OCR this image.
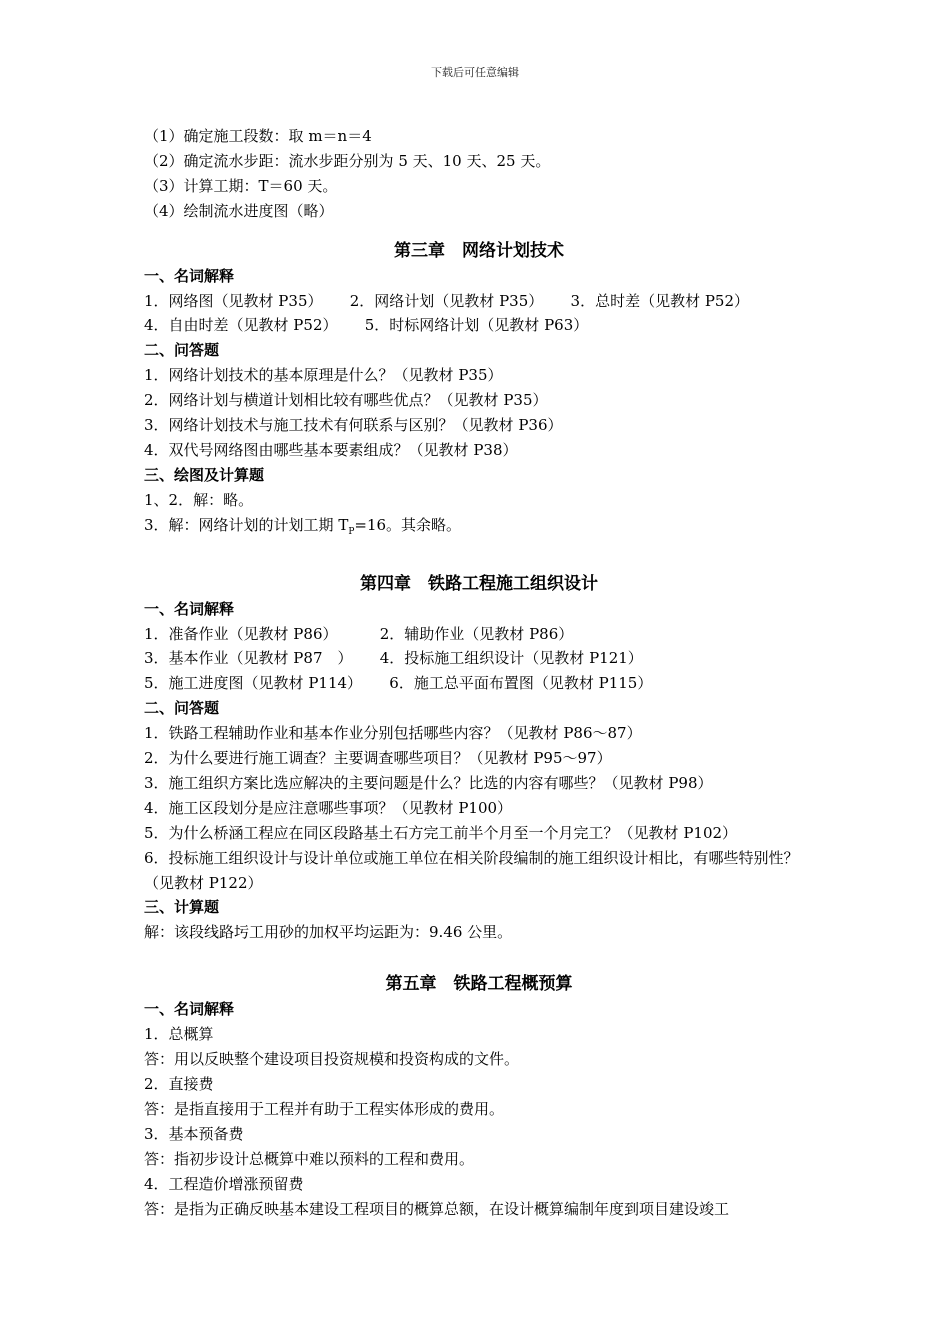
下载后可任意编辑
（1）确定施工段数：取 m＝n＝4
（2）确定流水步距：流水步距分别为 5 天、10 天、25 天。
（3）计算工期：T＝60 天。
（4）绘制流水进度图（略）
第三章　网络计划技术
一、名词解释
1．网络图（见教材 P35）　　 2．网络计划（见教材 P35）　　 3．总时差（见教材 P52）
4．自由时差（见教材 P52）　　 5．时标网络计划（见教材 P63）
二、问答题
1．网络计划技术的基本原理是什么？（见教材 P35）
2．网络计划与横道计划相比较有哪些优点？（见教材 P35）
3．网络计划技术与施工技术有何联系与区别？（见教材 P36）
4．双代号网络图由哪些基本要素组成？（见教材 P38）
三、绘图及计算题
1、2．解：略。
3．解：网络计划的计划工期 $T_P=16$。其余略。
第四章　铁路工程施工组织设计
一、名词解释
1．准备作业（见教材 P86）　　　 2．辅助作业（见教材 P86）
3．基本作业（见教材 P87　）　　 4．投标施工组织设计（见教材 P121）
5．施工进度图（见教材 P114）　　 6．施工总平面布置图（见教材 P115）
二、问答题
1．铁路工程辅助作业和基本作业分别包括哪些内容？（见教材 P86～87）
2．为什么要进行施工调查？主要调查哪些项目？（见教材 P95～97）
3．施工组织方案比选应解决的主要问题是什么？比选的内容有哪些？（见教材 P98）
4．施工区段划分是应注意哪些事项？（见教材 P100）
5．为什么桥涵工程应在同区段路基土石方完工前半个月至一个月完工？（见教材 P102）
6．投标施工组织设计与设计单位或施工单位在相关阶段编制的施工组织设计相比，有哪些特别性？（见教材 P122）
三、计算题
解：该段线路圬工用砂的加权平均运距为：9.46 公里。
第五章　铁路工程概预算
一、名词解释
1．总概算
答：用以反映整个建设项目投资规模和投资构成的文件。
2．直接费
答：是指直接用于工程并有助于工程实体形成的费用。
3．基本预备费
答：指初步设计总概算中难以预料的工程和费用。
4．工程造价增涨预留费
答：是指为正确反映基本建设工程项目的概算总额，在设计概算编制年度到项目建设竣工
